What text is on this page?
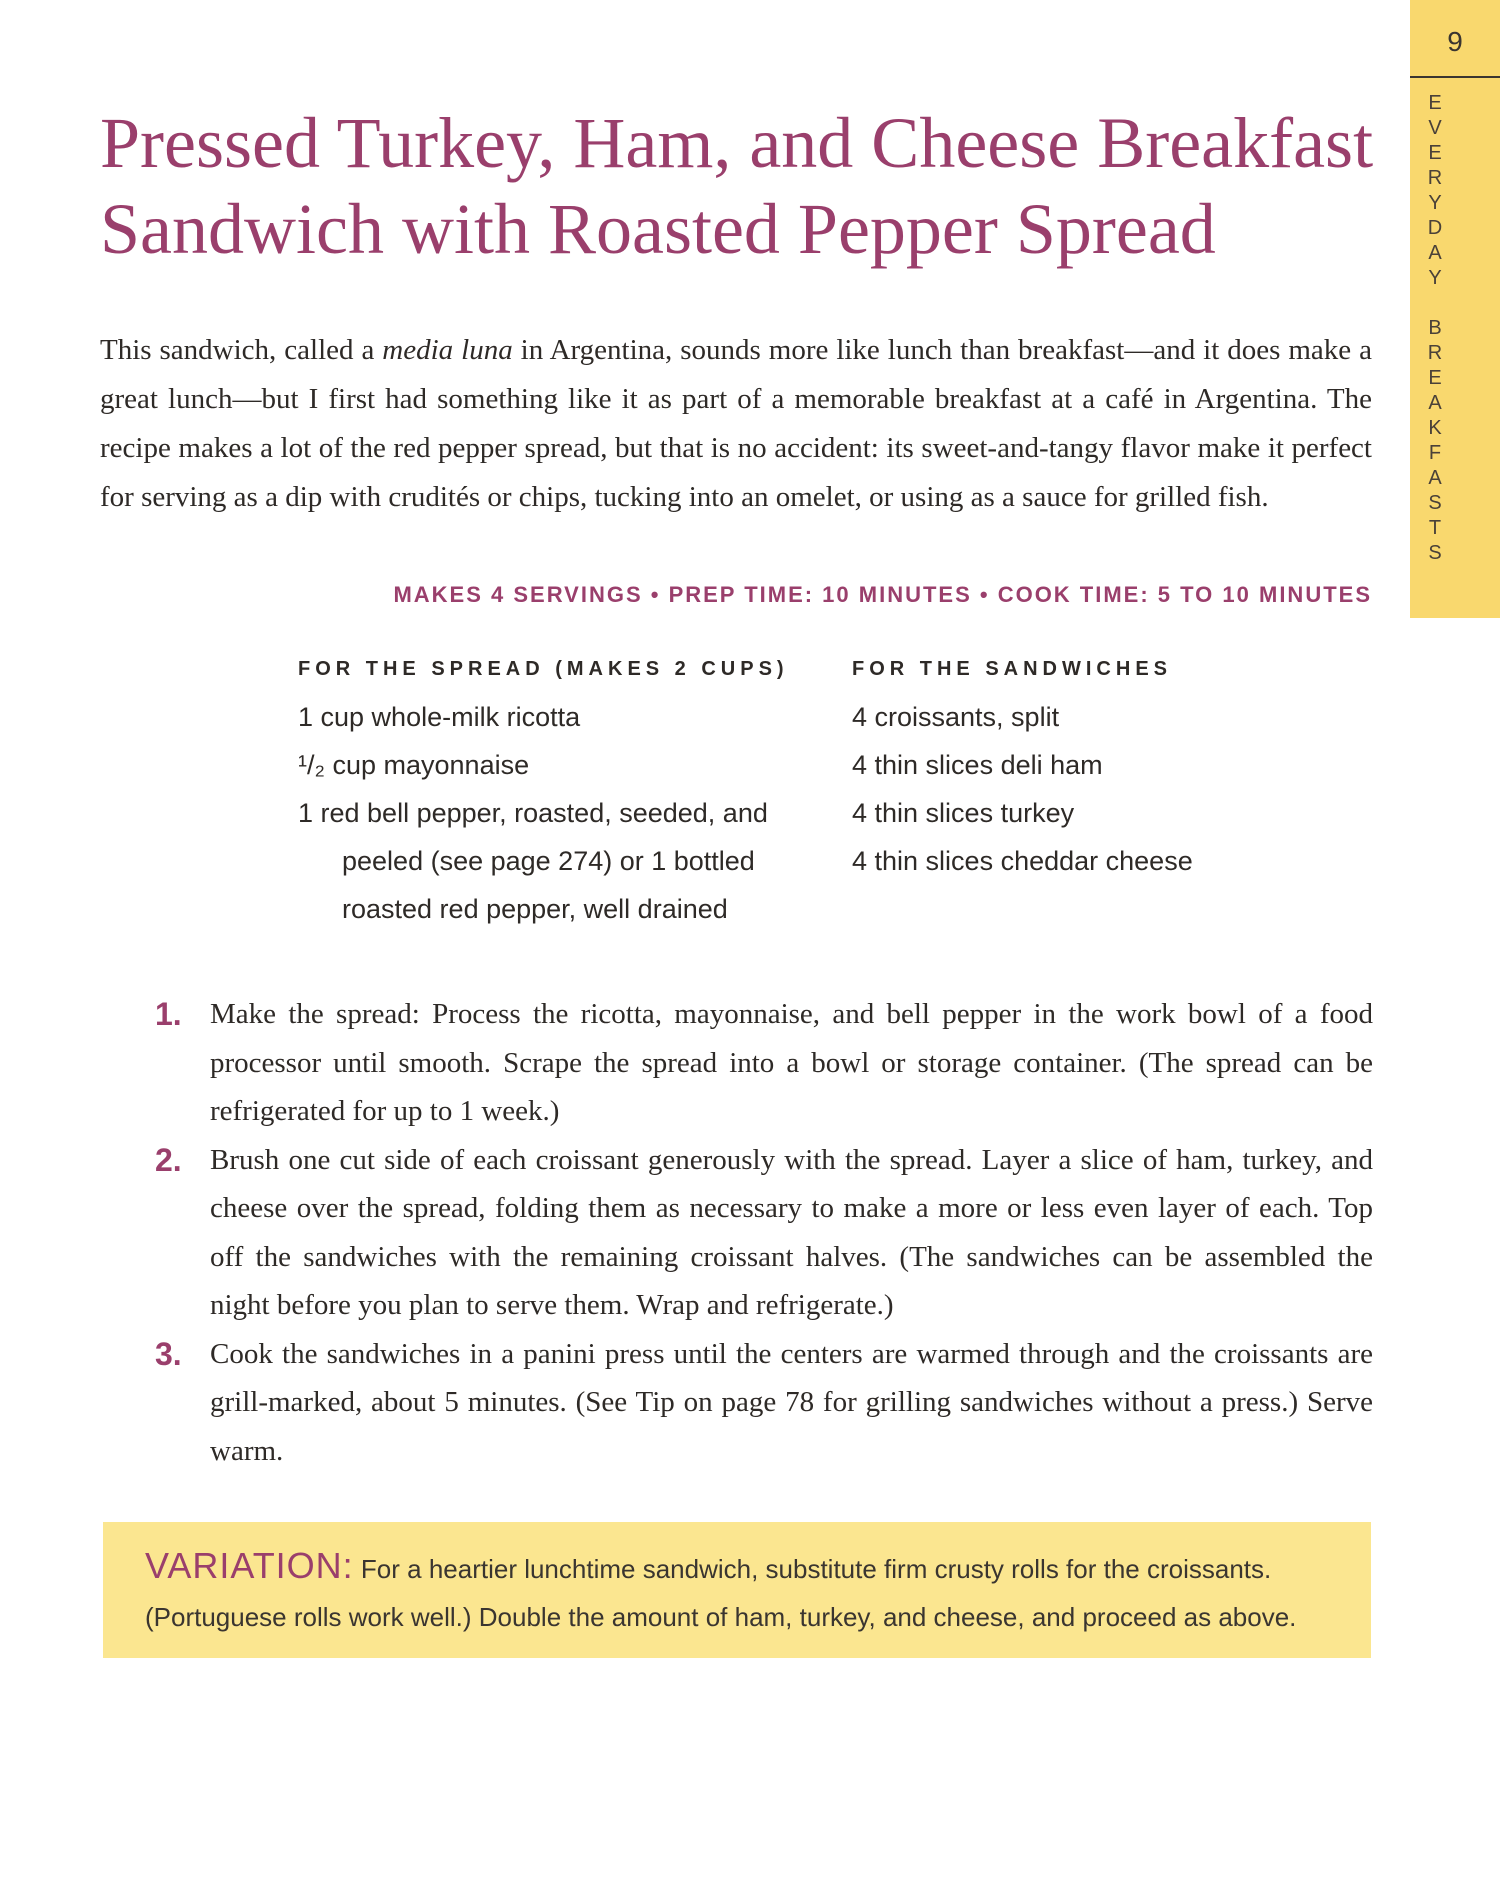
9
Pressed Turkey, Ham, and Cheese Breakfast
Sandwich with Roasted Pepper Spread

This sandwich, called a media luna in Argentina, sounds more like lunch than breakfast—and it does make a great lunch—but I first had something like it as part of a memorable breakfast at a café in Argentina. The recipe makes a lot of the red pepper spread, but that is no accident: its sweet-and-tangy flavor make it perfect for serving as a dip with crudités or chips, tucking into an omelet, or using as a sauce for grilled fish.

MAKES 4 SERVINGS • PREP TIME: 10 MINUTES • COOK TIME: 5 TO 10 MINUTES
FOR THE SPREAD (MAKES 2 CUPS)
1 cup whole-milk ricotta
¹/₂ cup mayonnaise
1 red bell pepper, roasted, seeded, and peeled (see page 274) or 1 bottled roasted red pepper, well drained
FOR THE SANDWICHES
4 croissants, split
4 thin slices deli ham
4 thin slices turkey
4 thin slices cheddar cheese
1. Make the spread: Process the ricotta, mayonnaise, and bell pepper in the work bowl of a food processor until smooth. Scrape the spread into a bowl or storage container. (The spread can be refrigerated for up to 1 week.)
2. Brush one cut side of each croissant generously with the spread. Layer a slice of ham, turkey, and cheese over the spread, folding them as necessary to make a more or less even layer of each. Top off the sandwiches with the remaining croissant halves. (The sandwiches can be assembled the night before you plan to serve them. Wrap and refrigerate.)
3. Cook the sandwiches in a panini press until the centers are warmed through and the croissants are grill-marked, about 5 minutes. (See Tip on page 78 for grilling sandwiches without a press.) Serve warm.

VARIATION: For a heartier lunchtime sandwich, substitute firm crusty rolls for the croissants. (Portuguese rolls work well.) Double the amount of ham, turkey, and cheese, and proceed as above.
